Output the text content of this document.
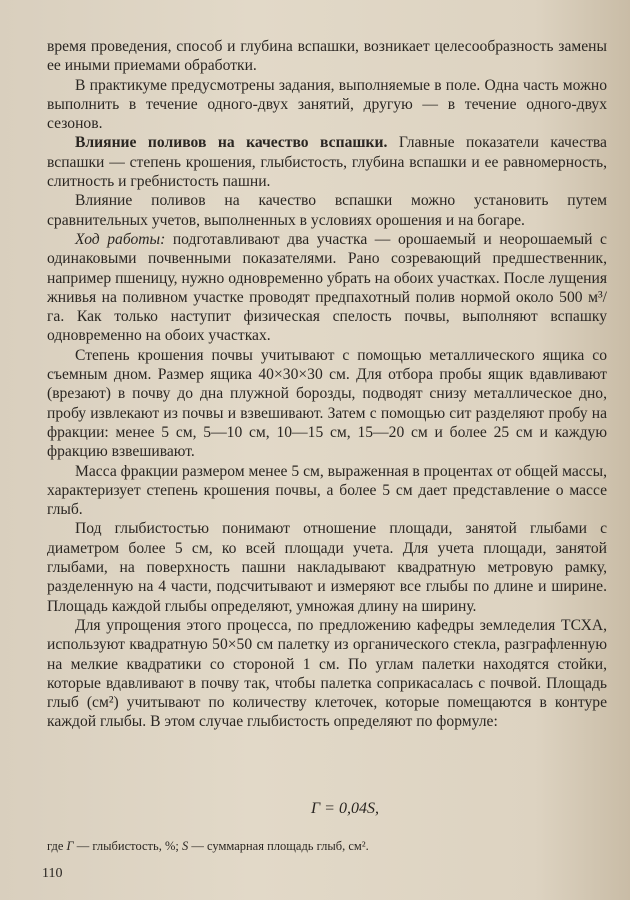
время проведения, способ и глубина вспашки, возникает целесообразность замены ее иными приемами обработки.

В практикуме предусмотрены задания, выполняемые в поле. Одна часть можно выполнить в течение одного-двух занятий, другую — в течение одного-двух сезонов.

Влияние поливов на качество вспашки. Главные показатели качества вспашки — степень крошения, глыбистость, глубина вспашки и ее равномерность, слитность и гребнистость пашни.

Влияние поливов на качество вспашки можно установить путем сравнительных учетов, выполненных в условиях орошения и на богаре.

Ход работы: подготавливают два участка — орошаемый и неорошаемый с одинаковыми почвенными показателями. Рано созревающий предшественник, например пшеницу, нужно одновременно убрать на обоих участках. После лущения жнивья на поливном участке проводят предпахотный полив нормой около 500 м³/га. Как только наступит физическая спелость почвы, выполняют вспашку одновременно на обоих участках.

Степень крошения почвы учитывают с помощью металлического ящика со съемным дном. Размер ящика 40×30×30 см. Для отбора пробы ящик вдавливают (врезают) в почву до дна плужной борозды, подводят снизу металлическое дно, пробу извлекают из почвы и взвешивают. Затем с помощью сит разделяют пробу на фракции: менее 5 см, 5—10 см, 10—15 см, 15—20 см и более 25 см и каждую фракцию взвешивают.

Масса фракции размером менее 5 см, выраженная в процентах от общей массы, характеризует степень крошения почвы, а более 5 см дает представление о массе глыб.

Под глыбистостью понимают отношение площади, занятой глыбами с диаметром более 5 см, ко всей площади учета. Для учета площади, занятой глыбами, на поверхность пашни накладывают квадратную метровую рамку, разделенную на 4 части, подсчитывают и измеряют все глыбы по длине и ширине. Площадь каждой глыбы определяют, умножая длину на ширину.

Для упрощения этого процесса, по предложению кафедры земледелия ТСХА, используют квадратную 50×50 см палетку из органического стекла, разграфленную на мелкие квадратики со стороной 1 см. По углам палетки находятся стойки, которые вдавливают в почву так, чтобы палетка соприкасалась с почвой. Площадь глыб (см²) учитывают по количеству клеточек, которые помещаются в контуре каждой глыбы. В этом случае глыбистость определяют по формуле:

Γ = 0,04S,
где Γ — глыбистость, %; S — суммарная площадь глыб, см².
110
